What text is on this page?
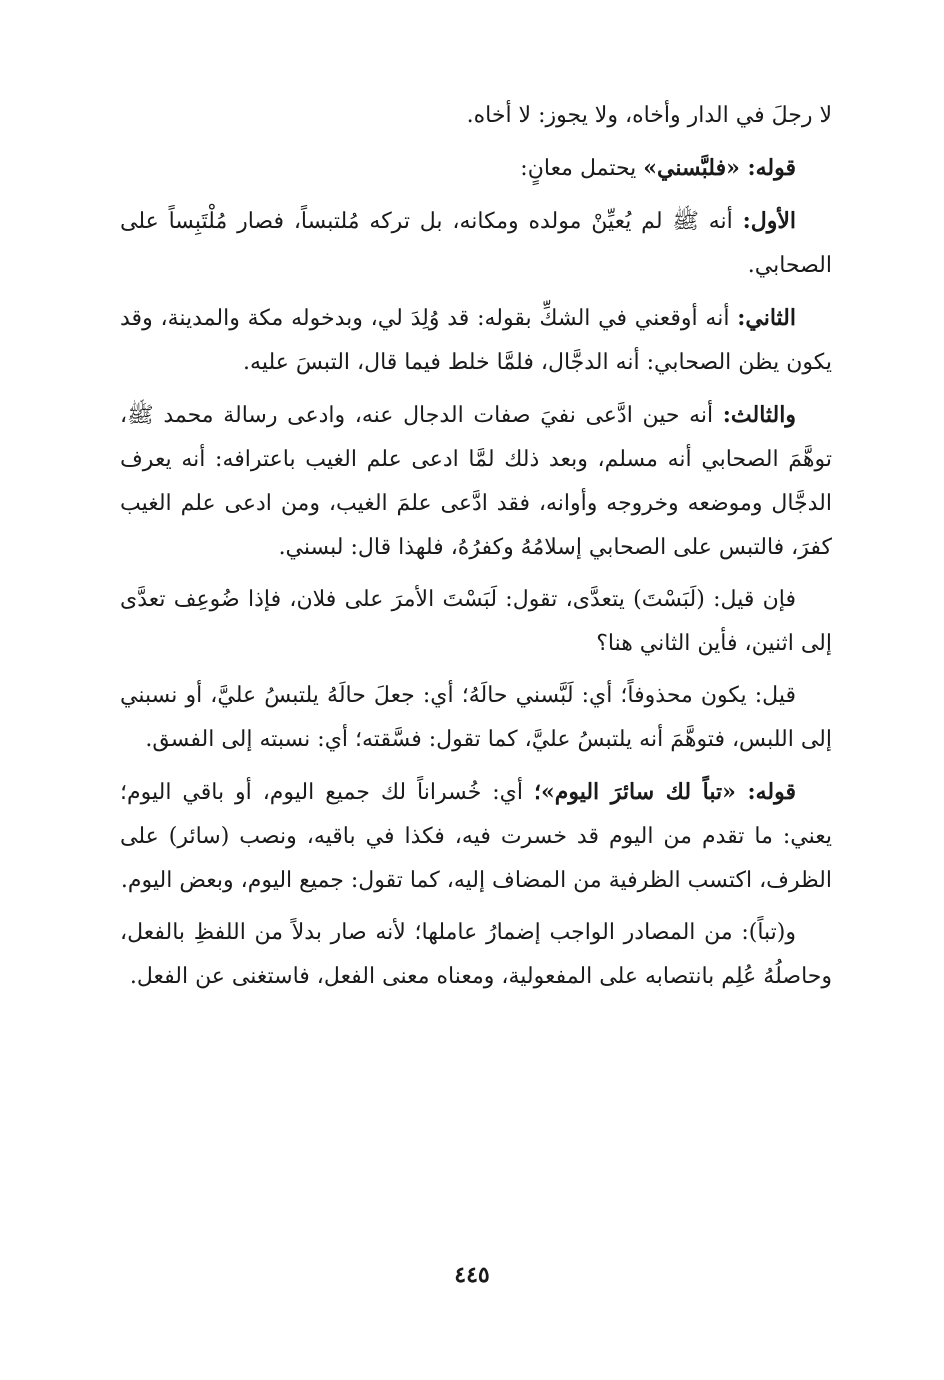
لا رجلَ في الدار وأخاه، ولا يجوز: لا أخاه.

قوله: «فلبَّسني» يحتمل معانٍ:

الأول: أنه ﷺ لم يُعيِّنْ مولده ومكانه، بل تركه مُلتبساً، فصار مُلْتَبِساً على الصحابي.

الثاني: أنه أوقعني في الشكِّ بقوله: قد وُلِدَ لي، وبدخوله مكة والمدينة، وقد يكون يظن الصحابي: أنه الدجَّال، فلمَّا خلط فيما قال، التبسَ عليه.

والثالث: أنه حين ادَّعى نفيَ صفات الدجال عنه، وادعى رسالة محمد ﷺ، توهَّمَ الصحابي أنه مسلم، وبعد ذلك لمَّا ادعى علم الغيب باعترافه: أنه يعرف الدجَّال وموضعه وخروجه وأوانه، فقد ادَّعى علمَ الغيب، ومن ادعى علم الغيب كفرَ، فالتبس على الصحابي إسلامُهُ وكفرُهُ، فلهذا قال: لبسني.

فإن قيل: (لَبَسْتَ) يتعدَّى، تقول: لَبَسْتَ الأمرَ على فلان، فإذا ضُوعِف تعدَّى إلى اثنين، فأين الثاني هنا؟

قيل: يكون محذوفاً؛ أي: لَبَّسني حالَهُ؛ أي: جعلَ حالَهُ يلتبسُ عليَّ، أو نسبني إلى اللبس، فتوهَّمَ أنه يلتبسُ عليَّ، كما تقول: فسَّقته؛ أي: نسبته إلى الفسق.

قوله: «تباً لك سائرَ اليوم»؛ أي: خُسراناً لك جميع اليوم، أو باقي اليوم؛ يعني: ما تقدم من اليوم قد خسرت فيه، فكذا في باقيه، ونصب (سائر) على الظرف، اكتسب الظرفية من المضاف إليه، كما تقول: جميع اليوم، وبعض اليوم.

و(تباً): من المصادر الواجب إضمارُ عاملها؛ لأنه صار بدلاً من اللفظِ بالفعل، وحاصلُهُ عُلِم بانتصابه على المفعولية، ومعناه معنى الفعل، فاستغنى عن الفعل.

٤٤٥
